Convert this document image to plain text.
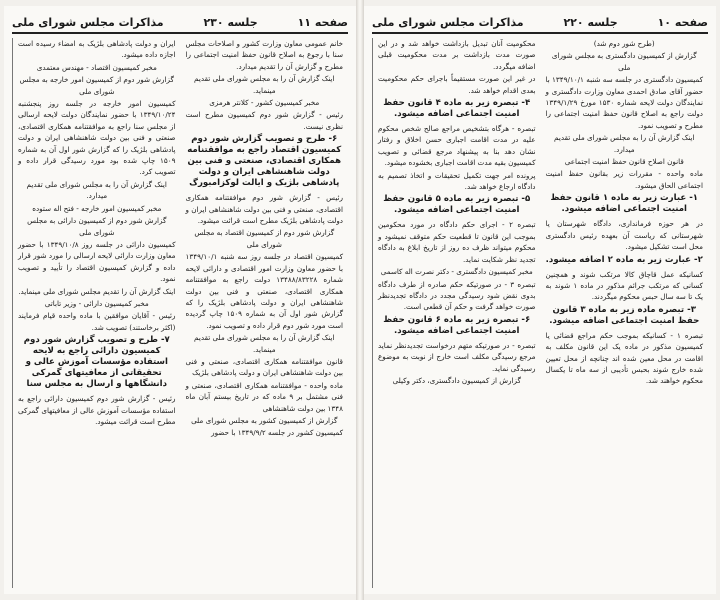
صفحه ۱۰
جلسه ۲۲۰
مذاکرات مجلس شورای ملی

(طرح شور دوم شد)

گزارش از کمیسیون دادگستری به مجلس شورای ملی

کمیسیون دادگستری در جلسه سه شنبه ۱۳۴۹/۱۰/۱ با حضور آقای صادق احمدی معاون وزارت دادگستری و نمایندگان دولت لایحه شماره ۱۵۳۰ مورخ ۱۳۴۹/۱/۲۹ دولت راجع به اصلاح قانون حفظ امنیت اجتماعی را مطرح و تصویب نمود.

اینک گزارش آن را به مجلس شورای ملی تقدیم میدارد.

قانون اصلاح قانون حفظ امنیت اجتماعی

ماده واحده - مقررات زیر بقانون حفظ امنیت اجتماعی الحاق میشود.

۱- عبارت زیر به ماده ۱ قانون حفظ امنیت اجتماعی اضافه میشود.

در هر حوزه فرمانداری، دادگاه شهرستان یا شهرستانی که ریاست آن بعهده رئیس دادگستری محل است تشکیل میشود.

۲- عبارت زیر به ماده ۲ اضافه میشود.

کسانیکه عمل قاچاق کالا مرتکب شوند و همچنین کسانی که مرتکب جرائم مذکور در ماده ۱ شوند به یک تا سه سال حبس محکوم میگردند.

۳- تبصره ماده زیر به ماده ۳ قانون حفظ امنیت اجتماعی اضافه میشود.

تبصره ۱ - کسانیکه بموجب حکم مراجع قضائی یا کمیسیون مذکور در ماده یک این قانون مکلف به اقامت در محل معین شده اند چنانچه از محل تعیین شده خارج شوند بحبس تأدیبی از سه ماه تا یکسال محکوم خواهند شد.

محکومیت آنان تبدیل بازداشت خواهد شد و در این صورت مدت بازداشت بر مدت محکومیت قبلی اضافه میگردد.

در غیر این صورت مستقیماً باجرای حکم محکومیت بعدی اقدام خواهد شد.

۴- تبصره زیر به ماده ۴ قانون حفظ امنیت اجتماعی اضافه میشود.

تبصره - هرگاه بتشخیص مراجع صالح شخص محکوم علیه در مدت اقامت اجباری حسن اخلاق و رفتار نشان دهد بنا به پیشنهاد مرجع قضائی و تصویب کمیسیون بقیه مدت اقامت اجباری بخشوده میشود.

پرونده امر جهت تکمیل تحقیقات و اتخاذ تصمیم به دادگاه ارجاع خواهد شد.

۵- تبصره زیر به ماده ۵ قانون حفظ امنیت اجتماعی اضافه میشود.

تبصره ۲ - اجرای حکم دادگاه در مورد محکومین بموجب این قانون تا قطعیت حکم متوقف نمیشود و محکوم میتواند ظرف ده روز از تاریخ ابلاغ به دادگاه تجدید نظر شکایت نماید.

مخبر کمیسیون دادگستری - دکتر نصرت اله کاسمی

تبصره ۳ - در صورتیکه حکم صادره از طرف دادگاه بدوی نقض شود رسیدگی مجدد در دادگاه تجدیدنظر صورت خواهد گرفت و حکم آن قطعی است.

۶- تبصره زیر به ماده ۶ قانون حفظ امنیت اجتماعی اضافه میشود.

تبصره - در صورتیکه متهم درخواست تجدیدنظر نماید مرجع رسیدگی مکلف است خارج از نوبت به موضوع رسیدگی نماید.

گزارش از کمیسیون دادگستری، دکتر وکیلی

صفحه ۱۱
جلسه ۲۳۰
مذاکرات مجلس شورای ملی

خانم عمومی معاون وزارت کشور و اصلاحات مجلس سنا با رجوع به اصلاح قانون حفظ امنیت اجتماعی را مطرح و گزارش آن را تقدیم میدارد.

اینک گزارش آن را به مجلس شورای ملی تقدیم مینماید.

مخبر کمیسیون کشور - کلانتر هرمزی

رئیس - گزارش شور دوم کمیسیون مطرح است نظری نیست.

۶- طرح و تصویب گزارش شور دوم کمیسیون اقتصاد راجع به موافقتنامه همکاری اقتصادی، صنعتی و فنی بین دولت شاهنشاهی ایران و دولت پادشاهی بلژیک و ایالت لوکزامبورگ

رئیس - گزارش شور دوم موافقتنامه همکاری اقتصادی، صنعتی و فنی بین دولت شاهنشاهی ایران و دولت پادشاهی بلژیک مطرح است قرائت میشود.

گزارش شور دوم از کمیسیون اقتصاد به مجلس شورای ملی

کمیسیون اقتصاد در جلسه روز سه شنبه ۱۳۴۹/۱۰/۱ با حضور معاون وزارت امور اقتصادی و دارائی لایحه شماره ۱۳۴۸۸/۸۳۲۲۸ دولت راجع به موافقتنامه همکاری اقتصادی، صنعتی و فنی بین دولت شاهنشاهی ایران و دولت پادشاهی بلژیک را که گزارش شور اول آن به شماره ۱۵۰۹ چاپ گردیده است مورد شور دوم قرار داده و تصویب نمود.

اینک گزارش آن را به مجلس شورای ملی تقدیم مینماید.

قانون موافقتنامه همکاری اقتصادی، صنعتی و فنی بین دولت شاهنشاهی ایران و دولت پادشاهی بلژیک

ماده واحده - موافقتنامه همکاری اقتصادی، صنعتی و فنی مشتمل بر ۹ ماده که در تاریخ بیستم آبان ماه ۱۳۴۸ بین دولت شاهنشاهی

گزارش از کمیسیون کشور به مجلس شورای ملی

کمیسیون کشور در جلسه ۱۳۴۹/۹/۲ با حضور

ایران و دولت پادشاهی بلژیک به امضاء رسیده است اجازه داده میشود.

مخبر کمیسیون اقتصاد - مهندس معتمدی

گزارش شور دوم از کمیسیون امور خارجه به مجلس شورای ملی

کمیسیون امور خارجه در جلسه روز پنجشنبه ۱۳۴۹/۱۰/۲۴ با حضور نمایندگان دولت لایحه ارسالی از مجلس سنا راجع به موافقتنامه همکاری اقتصادی، صنعتی و فنی بین دولت شاهنشاهی ایران و دولت پادشاهی بلژیک را که گزارش شور اول آن به شماره ۱۵۰۹ چاپ شده بود مورد رسیدگی قرار داده و تصویب کرد.

اینک گزارش آن را به مجلس شورای ملی تقدیم میدارد.

مخبر کمیسیون امور خارجه - فتح اله ستوده

گزارش شور دوم از کمیسیون دارائی به مجلس شورای ملی

کمیسیون دارائی در جلسه روز ۱۳۴۹/۱۰/۸ با حضور معاون وزارت دارائی لایحه ارسالی را مورد شور قرار داده و گزارش کمیسیون اقتصاد را تأیید و تصویب نمود.

اینک گزارش آن را تقدیم مجلس شورای ملی مینماید.

مخبر کمیسیون دارائی - وزیر تاباتی

رئیس - آقایان موافقین با ماده واحده قیام فرمایند (اکثر برخاستند) تصویب شد.

۷- طرح و تصویب گزارش شور دوم کمیسیون دارائی راجع به لایحه استفاده مؤسسات آموزش عالی و تحقیقاتی از معافیتهای گمرکی دانشگاهها و ارسال به مجلس سنا

رئیس - گزارش شور دوم کمیسیون دارائی راجع به استفاده مؤسسات آموزش عالی از معافیتهای گمرکی مطرح است قرائت میشود.
